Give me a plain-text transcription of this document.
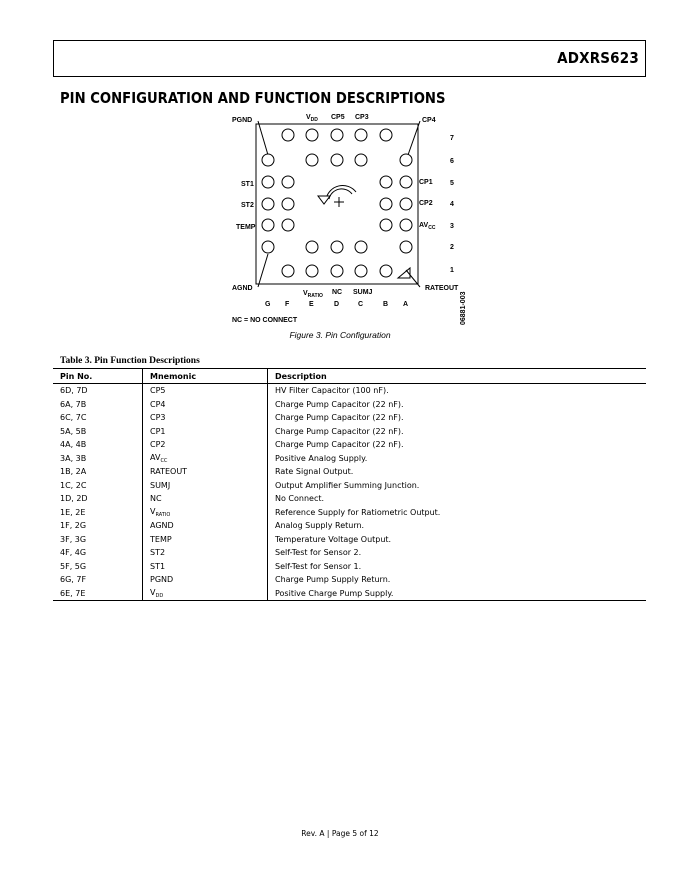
ADXRS623
PIN CONFIGURATION AND FUNCTION DESCRIPTIONS
$V_{DD}$ CP5 CP3
PGND	CP4
AGND	RATEOUT
ST1
ST2
TEMP
CP1
CP2
$AV_{CC}$
$V_{RATIO}$ NC SUMJ
7
6
5
4
3
2
1
G F	E	D	C	B A
NC = NO CONNECT	06881-003
Figure 3. Pin Configuration
Table 3. Pin Function Descriptions
Pin No.	Mnemonic	Description
6D, 7D	CP5	HV Filter Capacitor (100 nF).
6A, 7B	CP4	Charge Pump Capacitor (22 nF).
6C, 7C	CP3	Charge Pump Capacitor (22 nF).
5A, 5B	CP1	Charge Pump Capacitor (22 nF).
4A, 4B	CP2	Charge Pump Capacitor (22 nF).
3A, 3B	$AV_{CC}$	Positive Analog Supply.
1B, 2A	RATEOUT	Rate Signal Output.
1C, 2C	SUMJ	Output Amplifier Summing Junction.
1D, 2D	NC	No Connect.
1E, 2E	$V_{RATIO}$	Reference Supply for Ratiometric Output.
1F, 2G	AGND	Analog Supply Return.
3F, 3G	TEMP	Temperature Voltage Output.
4F, 4G	ST2	Self-Test for Sensor 2.
5F, 5G	ST1	Self-Test for Sensor 1.
6G, 7F	PGND	Charge Pump Supply Return.
6E, 7E	$V_{DD}$	Positive Charge Pump Supply.
Rev. A | Page 5 of 12
